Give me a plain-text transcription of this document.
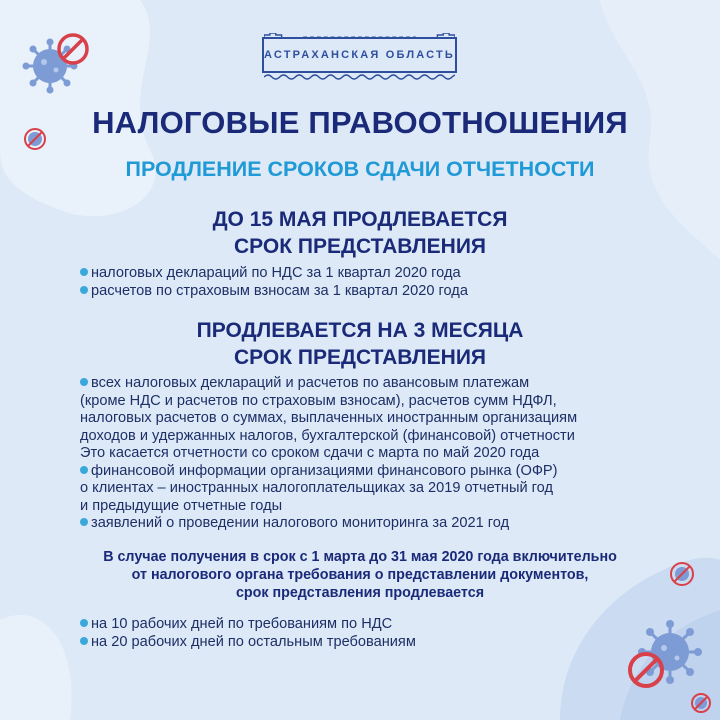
АСТРАХАНСКАЯ ОБЛАСТЬ
НАЛОГОВЫЕ ПРАВООТНОШЕНИЯ
ПРОДЛЕНИЕ СРОКОВ СДАЧИ ОТЧЕТНОСТИ
ДО 15 МАЯ ПРОДЛЕВАЕТСЯ
СРОК ПРЕДСТАВЛЕНИЯ
налоговых деклараций по НДС за 1 квартал 2020 года
расчетов по страховым взносам за 1 квартал 2020 года
ПРОДЛЕВАЕТСЯ НА 3 МЕСЯЦА
СРОК ПРЕДСТАВЛЕНИЯ
всех налоговых деклараций и расчетов по авансовым платежам
(кроме НДС и расчетов по страховым взносам), расчетов сумм НДФЛ,
налоговых расчетов о суммах, выплаченных иностранным организациям
доходов и удержанных налогов, бухгалтерской (финансовой) отчетности
Это касается отчетности со сроком сдачи с марта по май 2020 года
финансовой информации организациями финансового рынка (ОФР)
о клиентах – иностранных налогоплательщиках за 2019 отчетный год
и предыдущие отчетные годы
заявлений о проведении налогового мониторинга за 2021 год
В случае получения в срок с 1 марта до 31 мая 2020 года включительно
от налогового органа требования о представлении документов,
срок представления продлевается
на 10 рабочих дней по требованиям по НДС
на 20 рабочих дней по остальным требованиям
